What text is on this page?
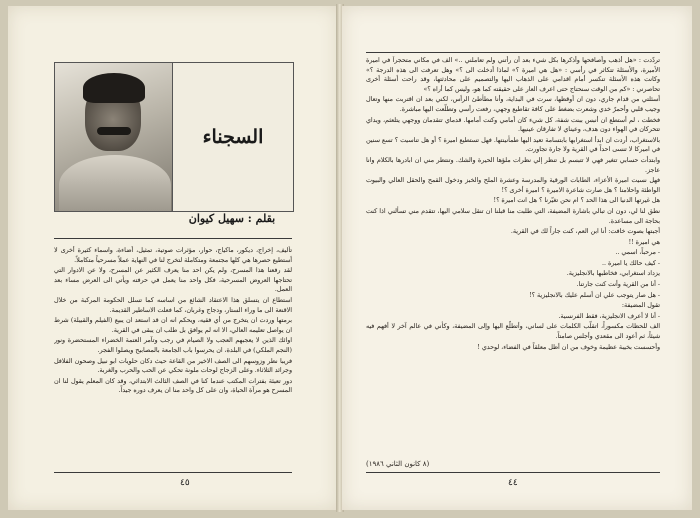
السجناء
بقلم : سهيل كيوان

تأليف، إخراج، ديكور، ماكياج، حوار، مؤثرات صوتية، تمثيل، أضاءة، واسماء كثيرة أخرى لا أستطيع حصرها هي كلها مجتمعة ومتكاملة لتخرج لنا في النهاية عملاً مسرحياً متكاملاً.

لقد رفعنا هذا المسرح، ولم يكن احد منا يعرف الكثير عن المسرح، ولا عن الادوار التي تحتاجها العروض المسرحية، فكل واحد منا يعمل في حرفته ويأتي الى العرض مساء بعد العمل.

استطاع ان يتسلق هذا الاعتقاد الشائع من اساسه كما تسلل الحكومة المركبة من خلال الاقنعة الى ما وراء الستار، ودجاج وغربان، كما فعلت الاساطير القديمة.

برمتها وردت ان يتخرج من أي فقيه، ويحكم انه ان قد استعد ان يبيع (الفيلم والقبيلة) شرط ان يواصل تعليمه العالي، الا انه لم يوافق بل طلب ان يبقى في القرية.

اوائك الذين لا يعجبهم العجب ولا الصيام في رجب وتآمر العتمة الخضراء المستحضرة ونور (النجم الملكي) في البلدة، ان يحرسوا باب الجامعة بالمصابيح ويصلوا الفجر.

فريبا نظر وزوسهم الى الصف الاخير من القاعة حيث دكان حلويات ابو نبيل وصحون الفلافل وجرائد الثلاثاء. وعلى الزجاج لوحات ملونة تحكي عن الحب والحرب والغربة.

دور تعبئة بفترات المكتب عندما كنا في الصف الثالث الابتدائي، وقد كان المعلم يقول لنا ان المسرح هو مرآة الحياة، وان على كل واحد منا ان يعرف دوره جيداً.

٤٥

تردّدت : «هل أذهب وأصافحها وأذكرها بكل شيء بعد أن رأتني ولم تعاملني ..» الف في مكاني متحجراً في اميرة الأميرة، والأسئلة تتكاثر في رأسي : «هل هي اميرة ؟» لماذا أدخلت الى ؟» وهل تعرفت الى هذه الدرجة ؟» وكانت هذه الأسئلة تنكسر أمام اقدامي على الذهاب اليها والتصميم على محادثتها، وقد راحت أسئلة أخرى تحاصرني : «كم من الوقت سنحتاج حتى اعرف العار على حقيقته كما هو، وليس كما أراه ؟»

أسئلتي من قدام جاري، دون ان أوقظها، سرت في البداية، وأنا مطأطئ الرأس، لكني بعد ان اقتربت منها وتعال وجيب قلبي وأحمرّ خدي وشعرت بضغط على كافة تقاطيع وجهي، رفعت رأسي وتطلّعت اليها مباشرة.

فخطت ، لم أستطع ان أنبس ببنت شفة، كل شيء كان أمامي وكنت أمامها. قدماي تتقدمان ووجهي يتلعثم، ويداي تتحركان في الهواء دون هدف، وعيناي لا تفارقان عينيها.

بالاستغراب، أردت ان ابدأ استغرابها بابتسامة تعيد اليها طمأنينتها. فهل تستطيع اميرة ؟ أو هل تناسيت ؟ تسع سنين في اميركا لا تنسى احداً في القرية ولا جارة تجاورت.

وابتدأت حسابي تتغير فهي لا تتبسم بل تنظر إلي نظرات ملؤها الحيرة والشك. وتنتظر مني ان ابادرها بالكلام وانا عاجز.

فهل نسيت اميرة الأعزاء، الطابات الورقية والمدرسة وعشرة الملح والخبز ودخول القمح والحقل العالي والبيوت الواطئة واحلامنا ؟ هل صارت شاعرة الاميرة ؟ اميرة أخرى ؟!

هل غيرتها الدنيا الى هذا الحد ؟ ام نحن تغيّرنا ؟ هل انت اميرة ؟!

نطق لنا لي، دون ان تبالي باشارة المضيفة، التي طلبت منا قبلنا ان تنقل سلامي اليها، تتقدم مني تسألني اذا كنت بحاجة الى مساعدة.

أجبتها بصوت خافت: أنا ابن العم، كنت جاراً لك في القرية.

هي اميرة !!

- مرحباً، اسمي ..

- كيف حالك يا اميرة ..

يزداد استغرابي، فخاطبها بالانجليزية.

- أنا من القرية وأنت كنت جارتنا.

- هل صار يتوجب علي ان أسلم عليك بالانجليزية ؟!

تقول المضيفة:

- أنا لا أعرف الانجليزية، فقط الفرنسية.

الف للحظات مكسوراً، اتقلّب الكلمات على لساني، وأتطلّع اليها وإلى المضيفة، وكأني في عالم آخر لا أفهم فيه شيئاً، ثم أعود الى مقعدي وأجلس صامتاً.

وأحسست بخيبة عظيمة وخوف من ان أظل معلقاً في الفضاء، لوحدي !

(٨ كانون الثاني ١٩٨٦)
٤٤
